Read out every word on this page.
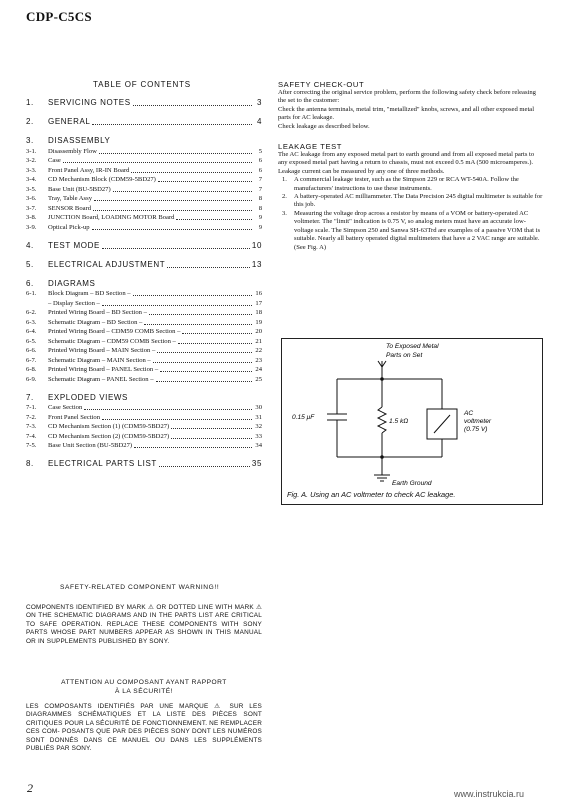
CDP-C5CS
TABLE OF CONTENTS
1.	SERVICING NOTES	3
2.	GENERAL	4
3.	DISASSEMBLY
3-1.	Disassembly Flow	5
3-2.	Case	6
3-3.	Front Panel Assy, IR-IN Board	6
3-4.	CD Mechanism Block (CDM59-5BD27)	7
3-5.	Base Unit (BU-5BD27)	7
3-6.	Tray, Table Assy	8
3-7.	SENSOR Board	8
3-8.	JUNCTION Board, LOADING MOTOR Board	9
3-9.	Optical Pick-up	9
4.	TEST MODE	10
5.	ELECTRICAL ADJUSTMENT	13
6.	DIAGRAMS
6-1.	Block Diagram – BD Section –	16
– Display Section –	17
6-2.	Printed Wiring Board – BD Section –	18
6-3.	Schematic Diagram – BD Section –	19
6-4.	Printed Wiring Board – CDM59 COMB Section –	20
6-5.	Schematic Diagram – CDM59 COMB Section –	21
6-6.	Printed Wiring Board – MAIN Section –	22
6-7.	Schematic Diagram – MAIN Section –	23
6-8.	Printed Wiring Board – PANEL Section –	24
6-9.	Schematic Diagram – PANEL Section –	25
7.	EXPLODED VIEWS
7-1.	Case Section	30
7-2.	Front Panel Section	31
7-3.	CD Mechanism Section (1) (CDM59-5BD27)	32
7-4.	CD Mechanism Section (2) (CDM59-5BD27)	33
7-5.	Base Unit Section (BU-5BD27)	34
8.	ELECTRICAL PARTS LIST	35
SAFETY CHECK-OUT

After correcting the original service problem, perform the following safety check before releasing the set to the customer:

Check the antenna terminals, metal trim, "metallized" knobs, screws, and all other exposed metal parts for AC leakage.

Check leakage as described below.

LEAKAGE TEST

The AC leakage from any exposed metal part to earth ground and from all exposed metal parts to any exposed metal part having a return to chassis, must not exceed 0.5 mA (500 microamperes.). Leakage current can be measured by any one of three methods.

1.	A commercial leakage tester, such as the Simpson 229 or RCA WT-540A. Follow the manufacturers' instructions to use these instruments.
2.	A battery-operated AC milliammeter. The Data Precision 245 digital multimeter is suitable for this job.
3.	Measuring the voltage drop across a resistor by means of a VOM or battery-operated AC voltmeter. The "limit" indication is 0.75 V, so analog meters must have an accurate low-voltage scale. The Simpson 250 and Sanwa SH-63Trd are examples of a passive VOM that is suitable. Nearly all battery operated digital multimeters that have a 2 VAC range are suitable. (See Fig. A)
To Exposed Metal
Parts on Set
0.15 μF
1.5 kΩ
AC
voltmeter
(0.75 V)
Earth Ground
Fig. A. Using an AC voltmeter to check AC leakage.
SAFETY-RELATED COMPONENT WARNING!!
COMPONENTS IDENTIFIED BY MARK ⚠ OR DOTTED LINE WITH MARK ⚠ ON THE SCHEMATIC DIAGRAMS AND IN THE PARTS LIST ARE CRITICAL TO SAFE OPERATION. REPLACE THESE COMPONENTS WITH SONY PARTS WHOSE PART NUMBERS APPEAR AS SHOWN IN THIS MANUAL OR IN SUPPLEMENTS PUBLISHED BY SONY.
ATTENTION AU COMPOSANT AYANT RAPPORT
À LA SÉCURITÉ!
LES COMPOSANTS IDENTIFIÉS PAR UNE MARQUE ⚠ SUR LES DIAGRAMMES SCHÉMATIQUES ET LA LISTE DES PIÈCES SONT CRITIQUES POUR LA SÉCURITÉ DE FONCTIONNEMENT. NE REMPLACER CES COM- POSANTS QUE PAR DES PIÈCES SONY DONT LES NUMÉROS SONT DONNÉS DANS CE MANUEL OU DANS LES SUPPLÉMENTS PUBLIÉS PAR SONY.
2	www.instrukcia.ru
